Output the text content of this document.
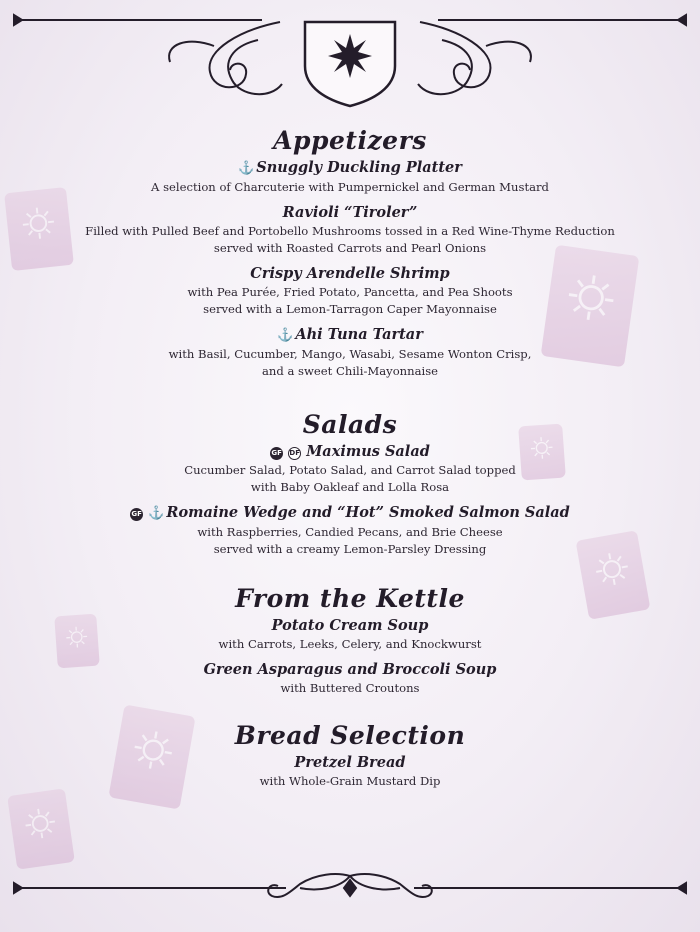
Appetizers

⚓ Snuggly Duckling Platter

A selection of Charcuterie with Pumpernickel and German Mustard

Ravioli “Tiroler”

Filled with Pulled Beef and Portobello Mushrooms tossed in a Red Wine-Thyme Reduction

served with Roasted Carrots and Pearl Onions

Crispy Arendelle Shrimp

with Pea Purée, Fried Potato, Pancetta, and Pea Shoots

served with a Lemon-Tarragon Caper Mayonnaise

⚓ Ahi Tuna Tartar

with Basil, Cucumber, Mango, Wasabi, Sesame Wonton Crisp,

and a sweet Chili-Mayonnaise

Salads

GF DF Maximus Salad

Cucumber Salad, Potato Salad, and Carrot Salad topped

with Baby Oakleaf and Lolla Rosa

GF ⚓ Romaine Wedge and “Hot” Smoked Salmon Salad

with Raspberries, Candied Pecans, and Brie Cheese

served with a creamy Lemon-Parsley Dressing

From the Kettle

Potato Cream Soup

with Carrots, Leeks, Celery, and Knockwurst

Green Asparagus and Broccoli Soup

with Buttered Croutons

Bread Selection

Pretzel Bread

with Whole-Grain Mustard Dip
